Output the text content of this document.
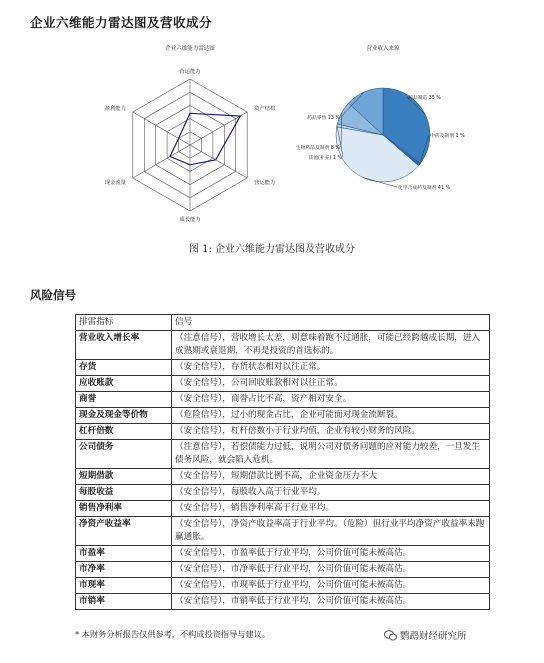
企业六维能力雷达图及营收成分
企业六维能力雷达图
营运能力
资产结构
营运能力
成长能力
现金流量
盈利能力
营业收入来源
药品制造 35 %
中药及制剂 1 %
化学合成药及制剂 41 %
其他(补充) 1 %
生物药品及制剂 8 %
药品零售 13 %
图 1: 企业六维能力雷达图及营收成分
风险信号
排雷指标	信号
营业收入增长率	（注意信号），营收增长太差，则意味着跑不过通胀，可能已经跨越成长期，进入成熟期或衰退期，不再是投资的首选标的。
存货	（安全信号），存货状态相对以往正常。
应收账款	（安全信号），公司回收账款相对以往正常。
商誉	（安全信号），商誉占比不高，资产相对安全。
现金及现金等价物	（危险信号），过小的现金占比，企业可能面对现金流断裂。
杠杆倍数	（安全信号），杠杆倍数小于行业均值，企业有较小财务的风险。
公司债务	（注意信号），若偿债能力过低，说明公司对债务问题的应对能力较差，一旦发生债务风险，就会陷入危机。
短期借款	（安全信号），短期借款比例不高，企业资金压力不大
每股收益	（安全信号），每股收入高于行业平均。
销售净利率	（安全信号），销售净利率高于行业平均。
净资产收益率	（安全信号），净资产收益率高于行业平均。（危险）但行业平均净资产收益率未跑赢通胀。
市盈率	（安全信号），市盈率低于行业平均，公司价值可能未被高估。
市净率	（安全信号），市净率低于行业平均，公司价值可能未被高估。
市现率	（安全信号），市现率低于行业平均，公司价值可能未被高估。
市销率	（安全信号），市销率低于行业平均，公司价值可能未被高估。
* 本财务分析报告仅供参考，不构成投资指导与建议。	鹦鹉财经研究所
